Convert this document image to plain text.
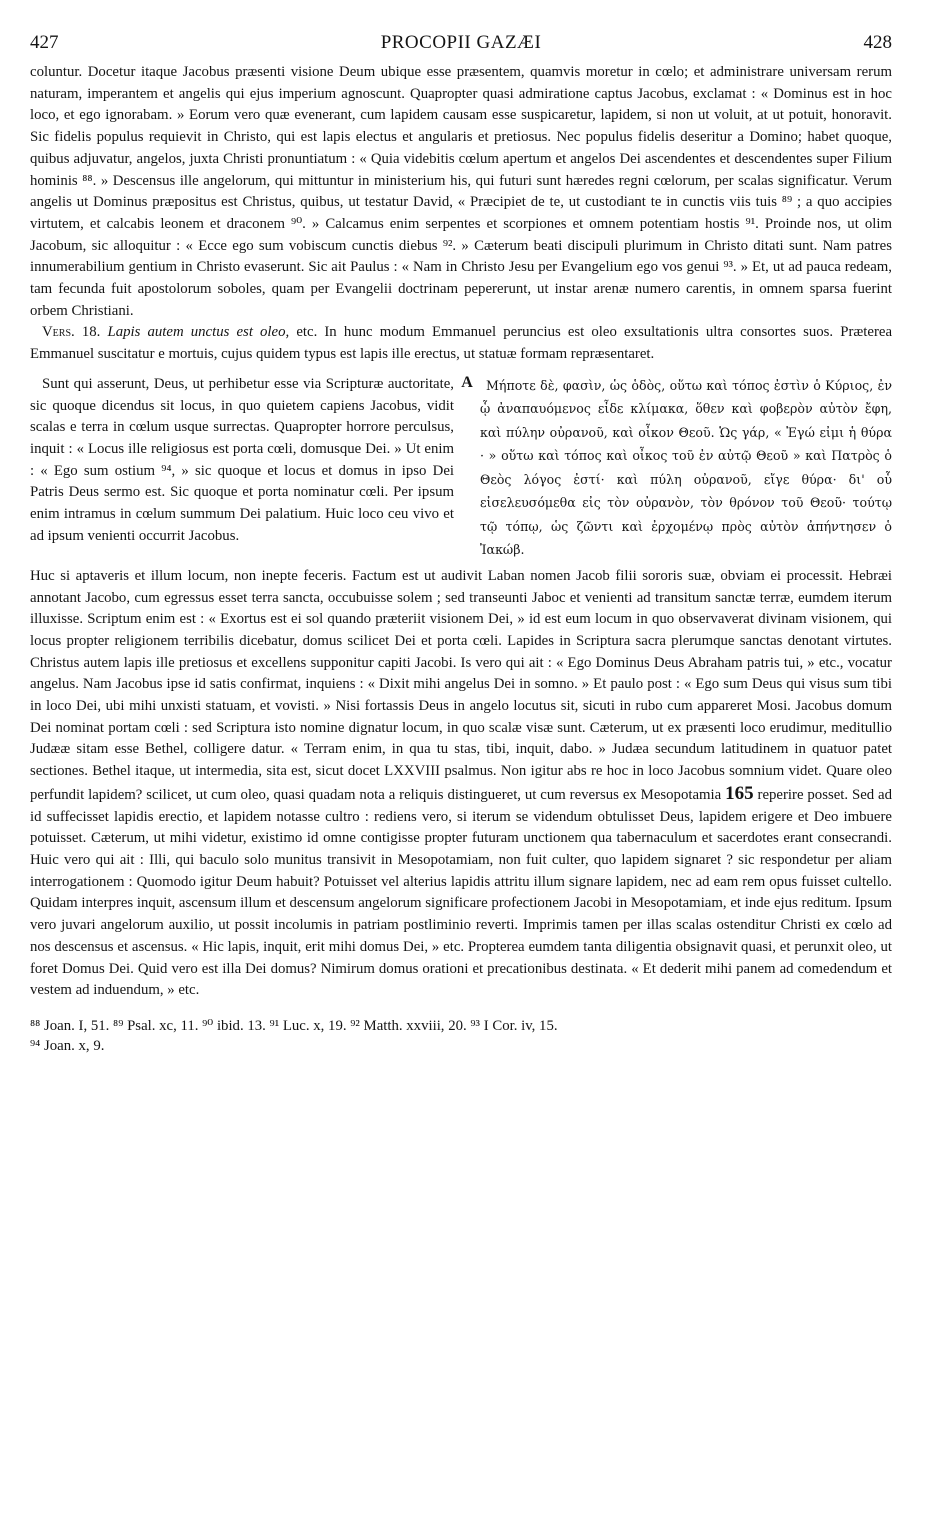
427	PROCOPII GAZÆI	428

coluntur. Docetur itaque Jacobus præsenti visione Deum ubique esse præsentem, quamvis moretur in cœlo; et administrare universam rerum naturam, imperantem et angelis qui ejus imperium agnoscunt. Quapropter quasi admiratione captus Jacobus, exclamat : « Dominus est in hoc loco, et ego ignorabam. » Eorum vero quæ evenerant, cum lapidem causam esse suspicaretur, lapidem, si non ut voluit, at ut potuit, honoravit. Sic fidelis populus requievit in Christo, qui est lapis electus et angularis et pretiosus. Nec populus fidelis deseritur a Domino; habet quoque, quibus adjuvatur, angelos, juxta Christi pronuntiatum : « Quia videbitis cœlum apertum et angelos Dei ascendentes et descendentes super Filium hominis ⁸⁸. » Descensus ille angelorum, qui mittuntur in ministerium his, qui futuri sunt hæredes regni cœlorum, per scalas significatur. Verum angelis ut Dominus præpositus est Christus, quibus, ut testatur David, « Præcipiet de te, ut custodiant te in cunctis viis tuis ⁸⁹ ; a quo accipies virtutem, et calcabis leonem et draconem ⁹⁰. » Calcamus enim serpentes et scorpiones et omnem potentiam hostis ⁹¹. Proinde nos, ut olim Jacobum, sic alloquitur : « Ecce ego sum vobiscum cunctis diebus ⁹². » Cæterum beati discipuli plurimum in Christo ditati sunt. Nam patres innumerabilium gentium in Christo evaserunt. Sic ait Paulus : « Nam in Christo Jesu per Evangelium ego vos genui ⁹³. » Et, ut ad pauca redeam, tam fecunda fuit apostolorum soboles, quam per Evangelii doctrinam pepererunt, ut instar arenæ numero carentis, in omnem sparsa fuerint orbem Christiani.

Vers. 18. Lapis autem unctus est oleo, etc. In hunc modum Emmanuel peruncius est oleo exsultationis ultra consortes suos. Præterea Emmanuel suscitatur e mortuis, cujus quidem typus est lapis ille erectus, ut statuæ formam repræsentaret.

Sunt qui asserunt, Deus, ut perhibetur esse via Scripturæ auctoritate, sic quoque dicendus sit locus, in quo quietem capiens Jacobus, vidit scalas e terra in cœlum usque surrectas. Quapropter horrore perculsus, inquit : « Locus ille religiosus est porta cœli, domusque Dei. » Ut enim : « Ego sum ostium ⁹⁴, » sic quoque et locus et domus in ipso Dei Patris Deus sermo est. Sic quoque et porta nominatur cœli. Per ipsum enim intramus in cœlum summum Dei palatium. Huic loco ceu vivo et ad ipsum venienti occurrit Jacobus.

A	Μήποτε δὲ, φασὶν, ὡς ὁδὸς, οὕτω καὶ τόπος ἐστὶν ὁ Κύριος, ἐν ᾧ ἀναπαυόμενος εἶδε κλίμακα, ὅθεν καὶ φοβερὸν αὐτὸν ἔφη, καὶ πύλην οὐρανοῦ, καὶ οἶκον Θεοῦ. Ὡς γάρ, « Ἐγώ εἰμι ἡ θύρα · » οὕτω καὶ τόπος καὶ οἶκος τοῦ ἐν αὐτῷ Θεοῦ » καὶ Πατρὸς ὁ Θεὸς λόγος ἐστί· καὶ πύλη οὐρανοῦ, εἴγε θύρα· δι' οὗ εἰσελευσόμεθα εἰς τὸν οὐρανὸν, τὸν θρόνον τοῦ Θεοῦ· τούτῳ τῷ τόπῳ, ὡς ζῶντι καὶ ἐρχομένῳ πρὸς αὐτὸν ἀπήντησεν ὁ Ἰακώβ.

Huc si aptaveris et illum locum, non inepte feceris. Factum est ut audivit Laban nomen Jacob filii sororis suæ, obviam ei processit. Hebræi annotant Jacobo, cum egressus esset terra sancta, occubuisse solem ; sed transeunti Jaboc et venienti ad transitum sanctæ terræ, eumdem iterum illuxisse. Scriptum enim est : « Exortus est ei sol quando præteriit visionem Dei, » id est eum locum in quo observaverat divinam visionem, qui locus propter religionem terribilis dicebatur, domus scilicet Dei et porta cœli. Lapides in Scriptura sacra plerumque sanctas denotant virtutes. Christus autem lapis ille pretiosus et excellens supponitur capiti Jacobi. Is vero qui ait : « Ego Dominus Deus Abraham patris tui, » etc., vocatur angelus. Nam Jacobus ipse id satis confirmat, inquiens : « Dixit mihi angelus Dei in somno. » Et paulo post : « Ego sum Deus qui visus sum tibi in loco Dei, ubi mihi unxisti statuam, et vovisti. » Nisi fortassis Deus in angelo locutus sit, sicuti in rubo cum appareret Mosi. Jacobus domum Dei nominat portam cœli : sed Scriptura isto nomine dignatur locum, in quo scalæ visæ sunt. Cæterum, ut ex præsenti loco erudimur, meditullio Judææ sitam esse Bethel, colligere datur. « Terram enim, in qua tu stas, tibi, inquit, dabo. » Judæa secundum latitudinem in quatuor patet sectiones. Bethel itaque, ut intermedia, sita est, sicut docet LXXVIII psalmus. Non igitur abs re hoc in loco Jacobus somnium videt. Quare oleo perfundit lapidem? scilicet, ut cum oleo, quasi quadam nota a reliquis distingueret, ut cum reversus ex Mesopotamia 165 reperire posset. Sed ad id suffecisset lapidis erectio, et lapidem notasse cultro : rediens vero, si iterum se videndum obtulisset Deus, lapidem erigere et Deo imbuere potuisset. Cæterum, ut mihi videtur, existimo id omne contigisse propter futuram unctionem qua tabernaculum et sacerdotes erant consecrandi. Huic vero qui ait : Illi, qui baculo solo munitus transivit in Mesopotamiam, non fuit culter, quo lapidem signaret ? sic respondetur per aliam interrogationem : Quomodo igitur Deum habuit? Potuisset vel alterius lapidis attritu illum signare lapidem, nec ad eam rem opus fuisset cultello. Quidam interpres inquit, ascensum illum et descensum angelorum significare profectionem Jacobi in Mesopotamiam, et inde ejus reditum. Ipsum vero juvari angelorum auxilio, ut possit incolumis in patriam postliminio reverti. Imprimis tamen per illas scalas ostenditur Christi ex cœlo ad nos descensus et ascensus. « Hic lapis, inquit, erit mihi domus Dei, » etc. Propterea eumdem tanta diligentia obsignavit quasi, et perunxit oleo, ut foret Domus Dei. Quid vero est illa Dei domus? Nimirum domus orationi et precationibus destinata. « Et dederit mihi panem ad comedendum et vestem ad induendum, » etc.

⁸⁸ Joan. I, 51. ⁸⁹ Psal. xc, 11. ⁹⁰ ibid. 13. ⁹¹ Luc. x, 19. ⁹² Matth. xxviii, 20. ⁹³ I Cor. iv, 15.
⁹⁴ Joan. x, 9.
